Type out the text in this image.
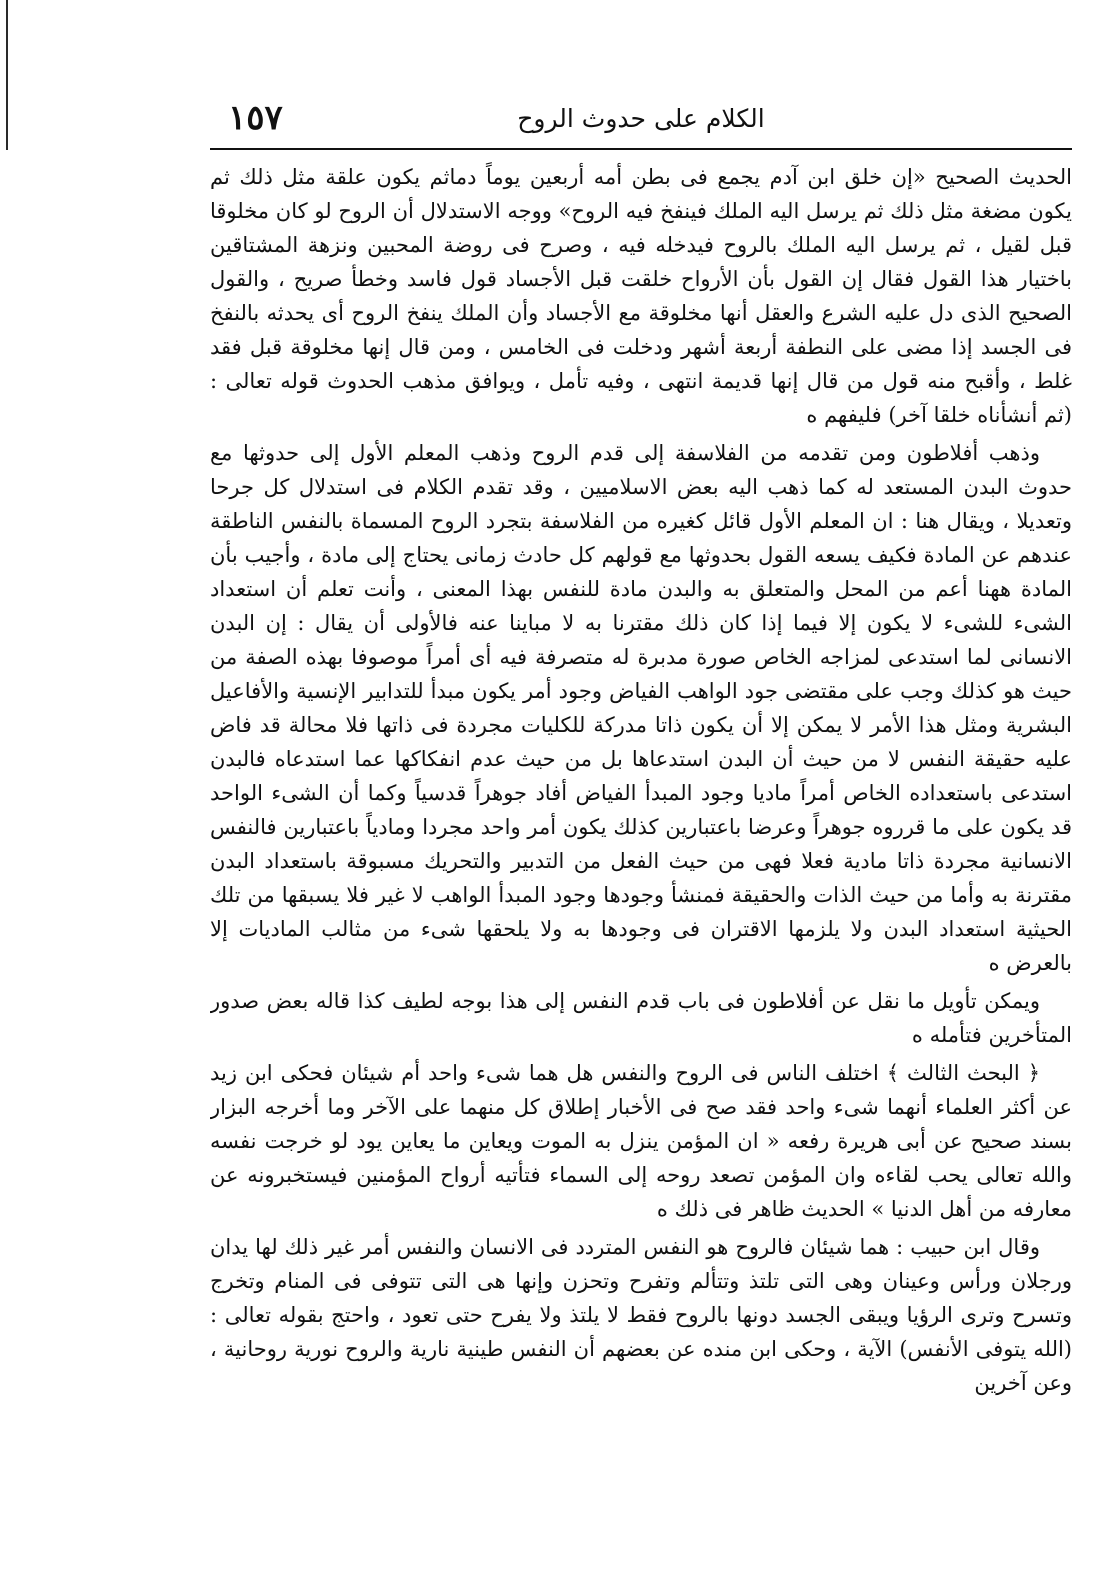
الكلام على حدوث الروح
١٥٧

الحديث الصحيح «إن خلق ابن آدم يجمع فى بطن أمه أربعين يوماً دماثم يكون علقة مثل ذلك ثم يكون مضغة مثل ذلك ثم يرسل اليه الملك فينفخ فيه الروح» ووجه الاستدلال أن الروح لو كان مخلوقا قبل لقيل ، ثم يرسل اليه الملك بالروح فيدخله فيه ، وصرح فى روضة المحبين ونزهة المشتاقين باختيار هذا القول فقال إن القول بأن الأرواح خلقت قبل الأجساد قول فاسد وخطأ صريح ، والقول الصحيح الذى دل عليه الشرع والعقل أنها مخلوقة مع الأجساد وأن الملك ينفخ الروح أى يحدثه بالنفخ فى الجسد إذا مضى على النطفة أربعة أشهر ودخلت فى الخامس ، ومن قال إنها مخلوقة قبل فقد غلط ، وأقبح منه قول من قال إنها قديمة انتهى ، وفيه تأمل ، ويوافق مذهب الحدوث قوله تعالى : (ثم أنشأناه خلقا آخر) فليفهم ه

وذهب أفلاطون ومن تقدمه من الفلاسفة إلى قدم الروح وذهب المعلم الأول إلى حدوثها مع حدوث البدن المستعد له كما ذهب اليه بعض الاسلاميين ، وقد تقدم الكلام فى استدلال كل جرحا وتعديلا ، ويقال هنا : ان المعلم الأول قائل كغيره من الفلاسفة بتجرد الروح المسماة بالنفس الناطقة عندهم عن المادة فكيف يسعه القول بحدوثها مع قولهم كل حادث زمانى يحتاج إلى مادة ، وأجيب بأن المادة ههنا أعم من المحل والمتعلق به والبدن مادة للنفس بهذا المعنى ، وأنت تعلم أن استعداد الشىء للشىء لا يكون إلا فيما إذا كان ذلك مقترنا به لا مباينا عنه فالأولى أن يقال : إن البدن الانسانى لما استدعى لمزاجه الخاص صورة مدبرة له متصرفة فيه أى أمراً موصوفا بهذه الصفة من حيث هو كذلك وجب على مقتضى جود الواهب الفياض وجود أمر يكون مبدأ للتدابير الإنسية والأفاعيل البشرية ومثل هذا الأمر لا يمكن إلا أن يكون ذاتا مدركة للكليات مجردة فى ذاتها فلا محالة قد فاض عليه حقيقة النفس لا من حيث أن البدن استدعاها بل من حيث عدم انفكاكها عما استدعاه فالبدن استدعى باستعداده الخاص أمراً ماديا وجود المبدأ الفياض أفاد جوهراً قدسياً وكما أن الشىء الواحد قد يكون على ما قرروه جوهراً وعرضا باعتبارين كذلك يكون أمر واحد مجردا ومادياً باعتبارين فالنفس الانسانية مجردة ذاتا مادية فعلا فهى من حيث الفعل من التدبير والتحريك مسبوقة باستعداد البدن مقترنة به وأما من حيث الذات والحقيقة فمنشأ وجودها وجود المبدأ الواهب لا غير فلا يسبقها من تلك الحيثية استعداد البدن ولا يلزمها الاقتران فى وجودها به ولا يلحقها شىء من مثالب الماديات إلا بالعرض ه

ويمكن تأويل ما نقل عن أفلاطون فى باب قدم النفس إلى هذا بوجه لطيف كذا قاله بعض صدور المتأخرين فتأمله ه

﴿ البحث الثالث ﴾ اختلف الناس فى الروح والنفس هل هما شىء واحد أم شيئان فحكى ابن زيد عن أكثر العلماء أنهما شىء واحد فقد صح فى الأخبار إطلاق كل منهما على الآخر وما أخرجه البزار بسند صحيح عن أبى هريرة رفعه « ان المؤمن ينزل به الموت ويعاين ما يعاين يود لو خرجت نفسه والله تعالى يحب لقاءه وان المؤمن تصعد روحه إلى السماء فتأتيه أرواح المؤمنين فيستخبرونه عن معارفه من أهل الدنيا » الحديث ظاهر فى ذلك ه

وقال ابن حبيب : هما شيئان فالروح هو النفس المتردد فى الانسان والنفس أمر غير ذلك لها يدان ورجلان ورأس وعينان وهى التى تلتذ وتتألم وتفرح وتحزن وإنها هى التى تتوفى فى المنام وتخرج وتسرح وترى الرؤيا ويبقى الجسد دونها بالروح فقط لا يلتذ ولا يفرح حتى تعود ، واحتج بقوله تعالى : (الله يتوفى الأنفس) الآية ، وحكى ابن منده عن بعضهم أن النفس طينية نارية والروح نورية روحانية ، وعن آخرين
